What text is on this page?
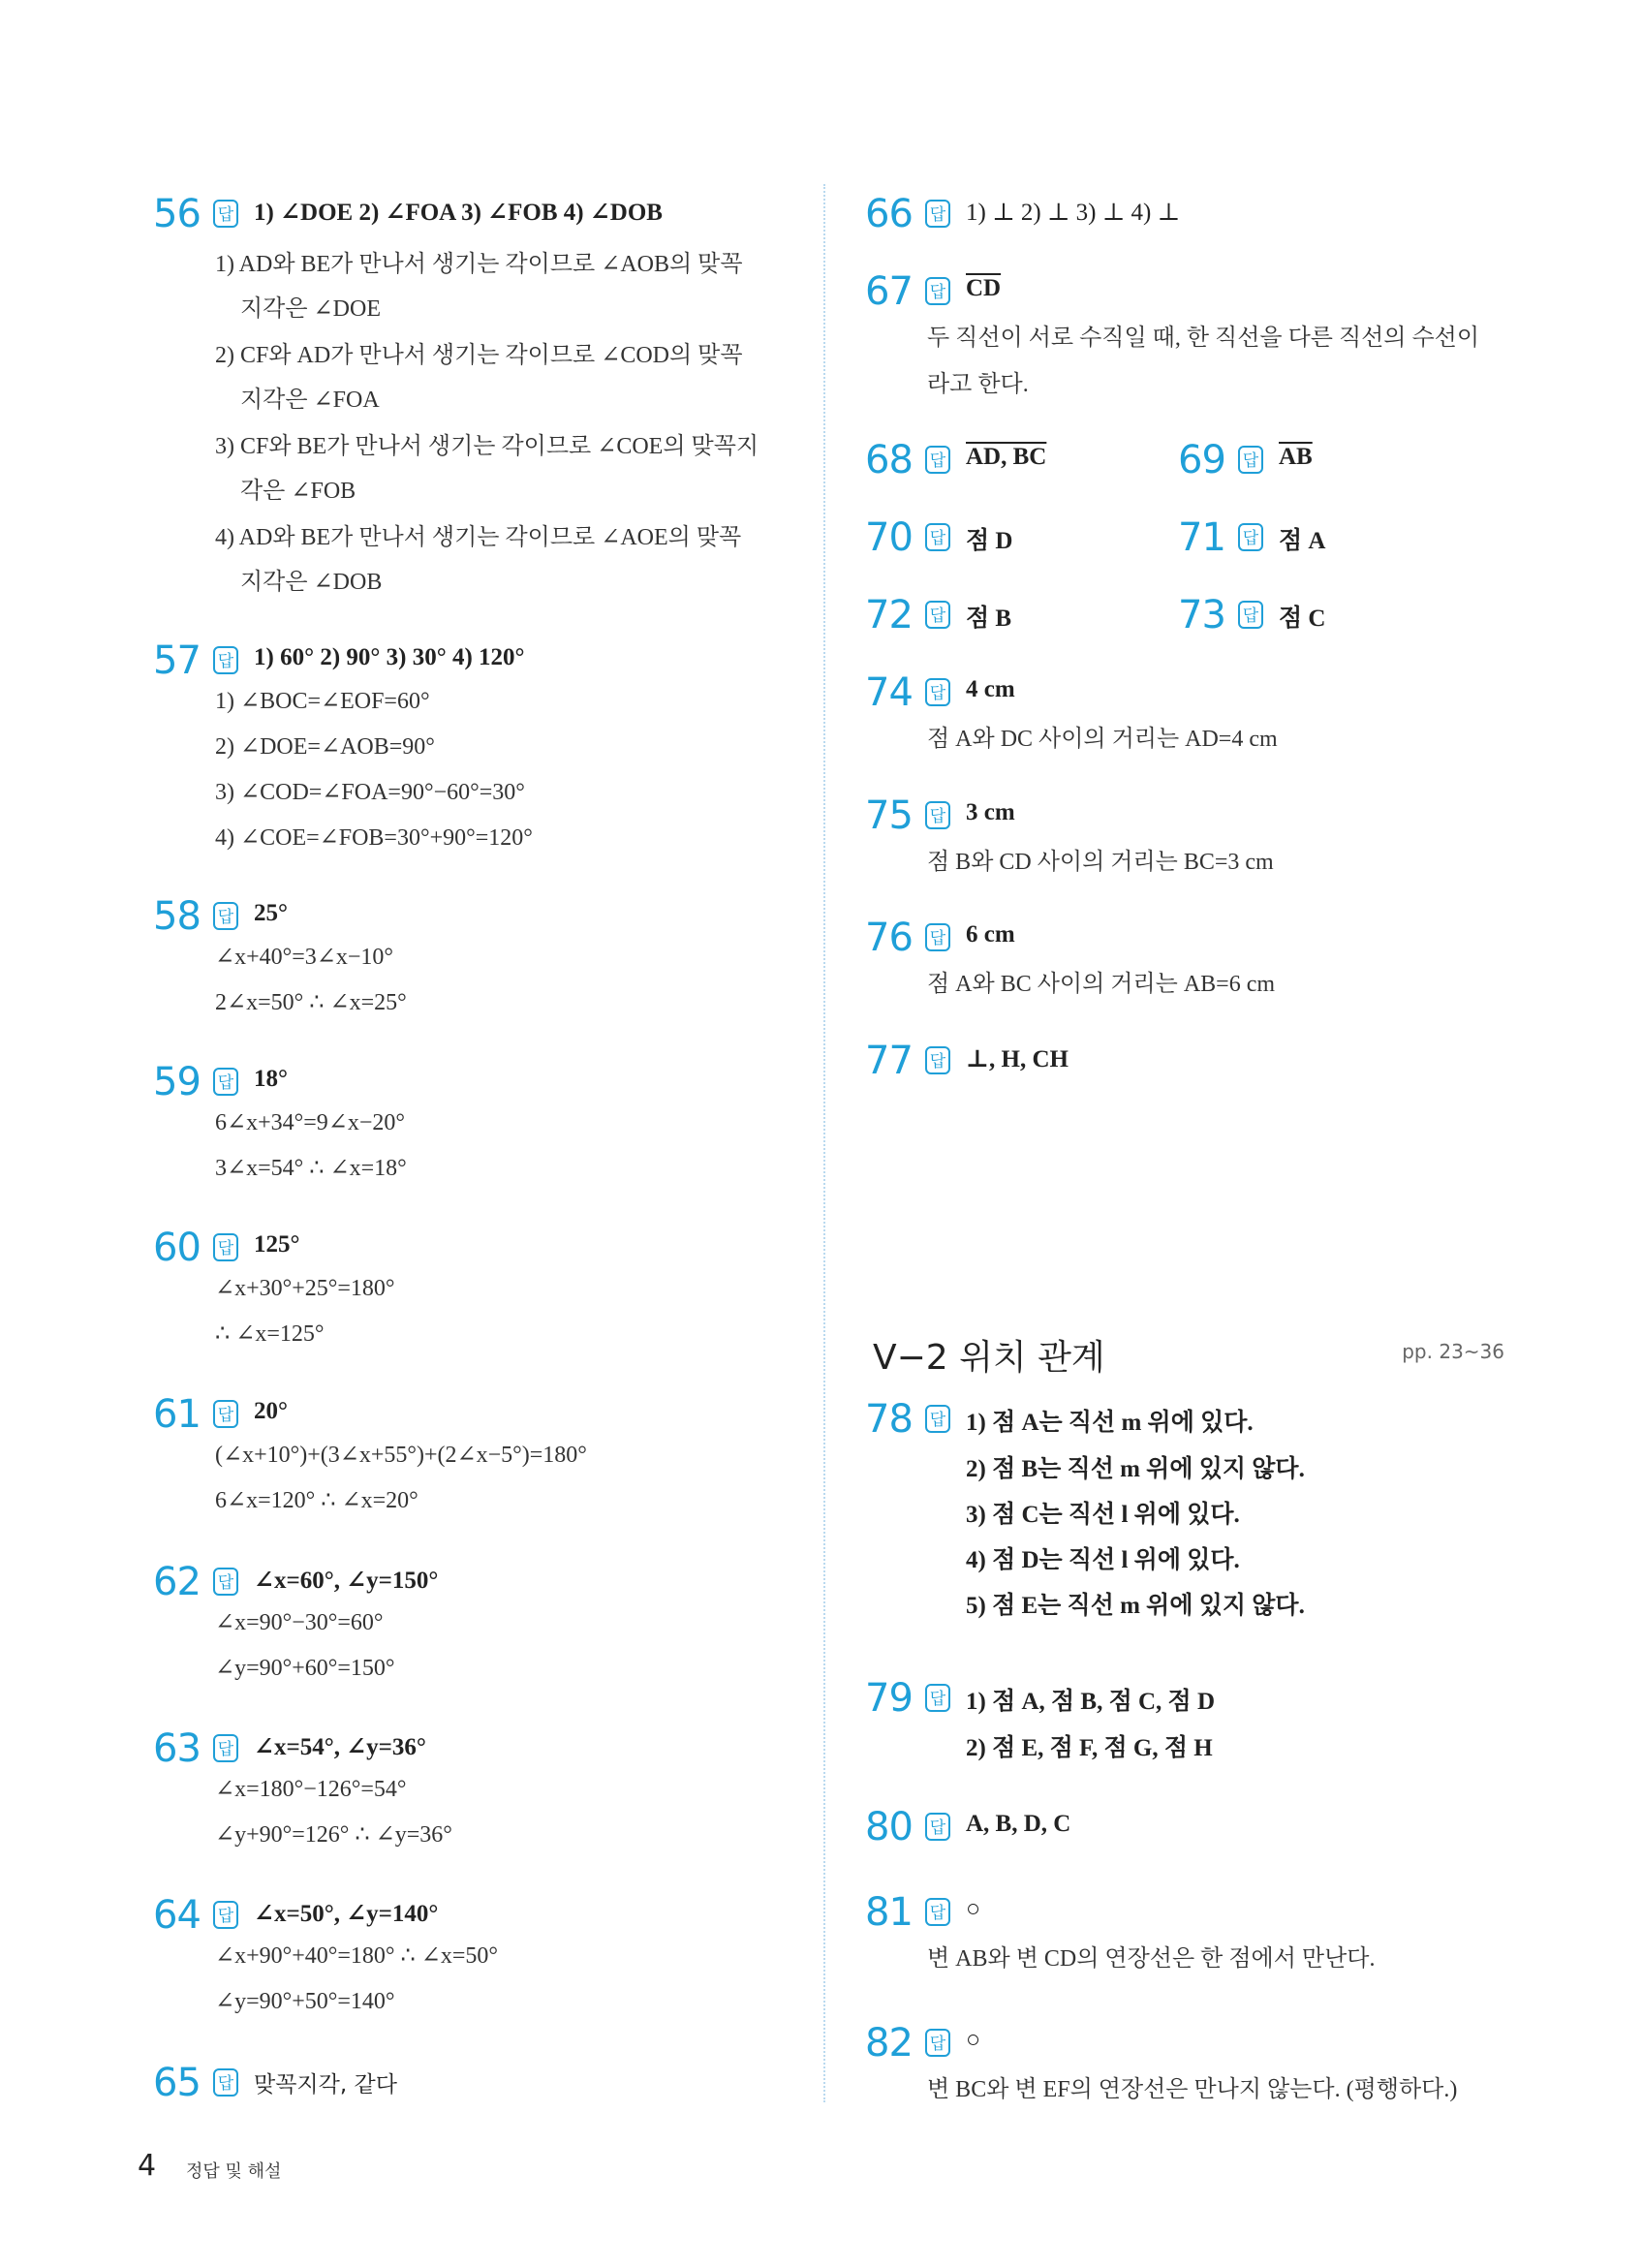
56 답 1) ∠DOE 2) ∠FOA 3) ∠FOB 4) ∠DOB
1) AD와 BE가 만나서 생기는 각이므로 ∠AOB의 맞꼭
지각은 ∠DOE
2) CF와 AD가 만나서 생기는 각이므로 ∠COD의 맞꼭
지각은 ∠FOA
3) CF와 BE가 만나서 생기는 각이므로 ∠COE의 맞꼭지
각은 ∠FOB
4) AD와 BE가 만나서 생기는 각이므로 ∠AOE의 맞꼭
지각은 ∠DOB
57 답 1) 60° 2) 90° 3) 30° 4) 120°
1) ∠BOC=∠EOF=60°
2) ∠DOE=∠AOB=90°
3) ∠COD=∠FOA=90°−60°=30°
4) ∠COE=∠FOB=30°+90°=120°
58 답 25°
∠x+40°=3∠x−10°
2∠x=50° ∴ ∠x=25°
59 답 18°
6∠x+34°=9∠x−20°
3∠x=54° ∴ ∠x=18°
60 답 125°
∠x+30°+25°=180°
∴ ∠x=125°
61 답 20°
(∠x+10°)+(3∠x+55°)+(2∠x−5°)=180°
6∠x=120° ∴ ∠x=20°
62 답 ∠x=60°, ∠y=150°
∠x=90°−30°=60°
∠y=90°+60°=150°
63 답 ∠x=54°, ∠y=36°
∠x=180°−126°=54°
∠y+90°=126° ∴ ∠y=36°
64 답 ∠x=50°, ∠y=140°
∠x+90°+40°=180° ∴ ∠x=50°
∠y=90°+50°=140°
65 답 맞꼭지각, 같다
66 답 1) ⊥ 2) ⊥ 3) ⊥ 4) ⊥
67 답 $\overline{CD}$
두 직선이 서로 수직일 때, 한 직선을 다른 직선의 수선이
라고 한다.
68 답 AD, BC	69 답 $\overline{AB}$
70 답 점 D	71 답 점 A
72 답 점 B	73 답 점 C
74 답 4 cm
점 A와 DC 사이의 거리는 AD=4 cm
75 답 3 cm
점 B와 CD 사이의 거리는 BC=3 cm
76 답 6 cm
점 A와 BC 사이의 거리는 AB=6 cm
77 답 ⊥, H, CH
Ⅴ−2 위치 관계	pp. 23~36
78 답 1) 점 A는 직선 m 위에 있다.
2) 점 B는 직선 m 위에 있지 않다.
3) 점 C는 직선 l 위에 있다.
4) 점 D는 직선 l 위에 있다.
5) 점 E는 직선 m 위에 있지 않다.
79 답 1) 점 A, 점 B, 점 C, 점 D
2) 점 E, 점 F, 점 G, 점 H
80 답 A, B, D, C
81 답 ○
변 AB와 변 CD의 연장선은 한 점에서 만난다.
82 답 ○
변 BC와 변 EF의 연장선은 만나지 않는다. (평행하다.)
4 정답 및 해설
